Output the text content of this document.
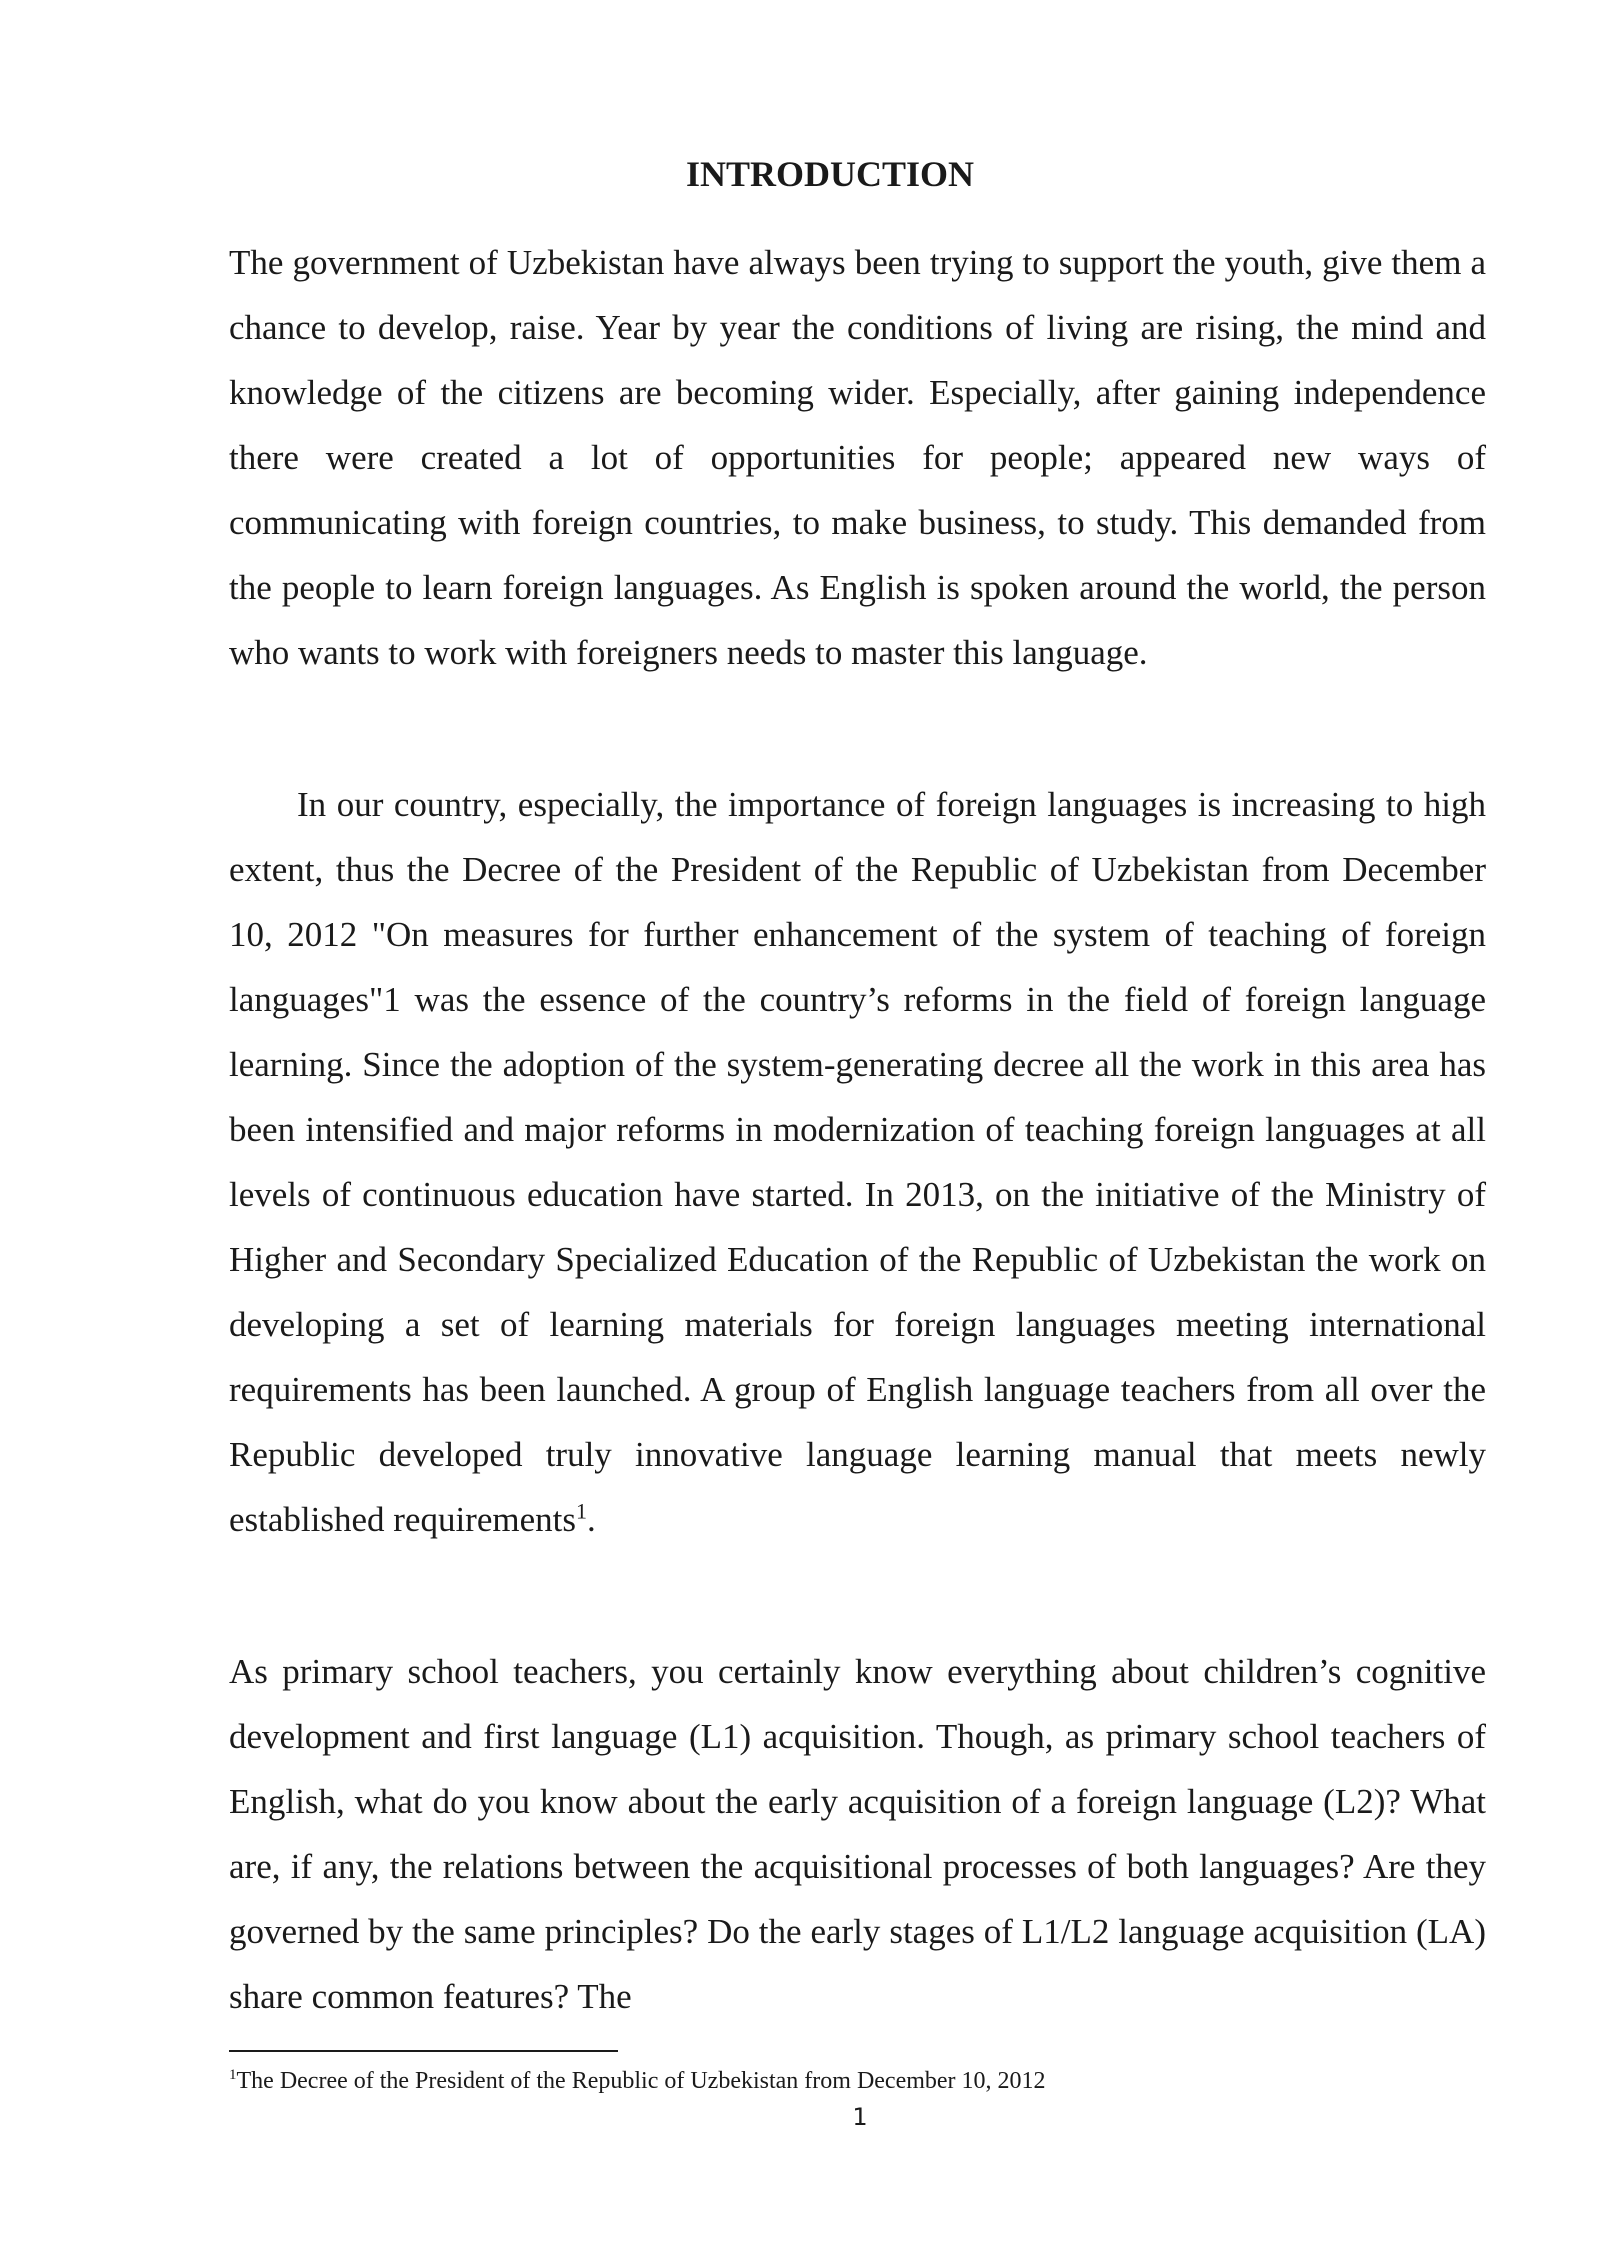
INTRODUCTION

The government of Uzbekistan have always been trying to support the youth, give them a chance to develop, raise. Year by year the conditions of living are rising, the mind and knowledge of the citizens are becoming wider. Especially, after gaining independence there were created a lot of opportunities for people; appeared new ways of communicating with foreign countries, to make business, to study. This demanded from the people to learn foreign languages. As English is spoken around the world, the person who wants to work with foreigners needs to master this language.

In our country, especially, the importance of foreign languages is increasing to high extent, thus the Decree of the President of the Republic of Uzbekistan from December 10, 2012 "On measures for further enhancement of the system of teaching of foreign languages"1 was the essence of the country’s reforms in the field of foreign language learning. Since the adoption of the system-generating decree all the work in this area has been intensified and major reforms in modernization of teaching foreign languages at all levels of continuous education have started. In 2013, on the initiative of the Ministry of Higher and Secondary Specialized Education of the Republic of Uzbekistan the work on developing a set of learning materials for foreign languages meeting international requirements has been launched. A group of English language teachers from all over the Republic developed truly innovative language learning manual that meets newly established requirements$^1$.

As primary school teachers, you certainly know everything about children’s cognitive development and first language (L1) acquisition. Though, as primary school teachers of English, what do you know about the early acquisition of a foreign language (L2)? What are, if any, the relations between the acquisitional processes of both languages? Are they governed by the same principles? Do the early stages of L1/L2 language acquisition (LA) share common features? The

$^1$The Decree of the President of the Republic of Uzbekistan from December 10, 2012

1
